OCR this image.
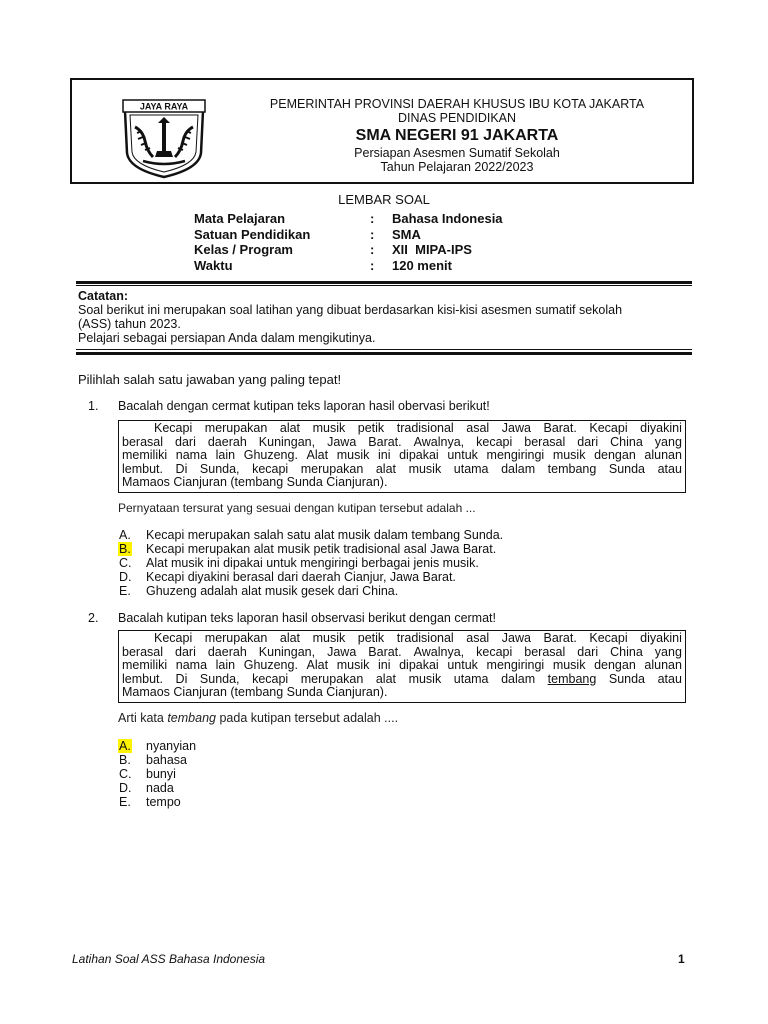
JAYA RAYA	PEMERINTAH PROVINSI DAERAH KHUSUS IBU KOTA JAKARTA
DINAS PENDIDIKAN
SMA NEGERI 91 JAKARTA
Persiapan Asesmen Sumatif Sekolah
Tahun Pelajaran 2022/2023
LEMBAR SOAL
Mata Pelajaran	: Bahasa Indonesia
Satuan Pendidikan	: SMA
Kelas / Program	: XII  MIPA-IPS
Waktu	: 120 menit
Catatan:
Soal berikut ini merupakan soal latihan yang dibuat berdasarkan kisi-kisi asesmen sumatif sekolah
(ASS) tahun 2023.
Pelajari sebagai persiapan Anda dalam mengikutinya.
Pilihlah salah satu jawaban yang paling tepat!
1. Bacalah dengan cermat kutipan teks laporan hasil obervasi berikut!
Kecapi merupakan alat musik petik tradisional asal Jawa Barat. Kecapi diyakini
berasal dari daerah Kuningan, Jawa Barat. Awalnya, kecapi berasal dari China yang
memiliki nama lain Ghuzeng. Alat musik ini dipakai untuk mengiringi musik dengan alunan
lembut. Di Sunda, kecapi merupakan alat musik utama dalam tembang Sunda atau
Mamaos Cianjuran (tembang Sunda Cianjuran).
Pernyataan tersurat yang sesuai dengan kutipan tersebut adalah ...
A. Kecapi merupakan salah satu alat musik dalam tembang Sunda.
B. Kecapi merupakan alat musik petik tradisional asal Jawa Barat.
C. Alat musik ini dipakai untuk mengiringi berbagai jenis musik.
D. Kecapi diyakini berasal dari daerah Cianjur, Jawa Barat.
E. Ghuzeng adalah alat musik gesek dari China.
2. Bacalah kutipan teks laporan hasil observasi berikut dengan cermat!
Kecapi merupakan alat musik petik tradisional asal Jawa Barat. Kecapi diyakini
berasal dari daerah Kuningan, Jawa Barat. Awalnya, kecapi berasal dari China yang
memiliki nama lain Ghuzeng. Alat musik ini dipakai untuk mengiringi musik dengan alunan
lembut. Di Sunda, kecapi merupakan alat musik utama dalam tembang Sunda atau
Mamaos Cianjuran (tembang Sunda Cianjuran).
Arti kata tembang pada kutipan tersebut adalah ....
A. nyanyian
B. bahasa
C. bunyi
D. nada
E. tempo
Latihan Soal ASS Bahasa Indonesia	1
